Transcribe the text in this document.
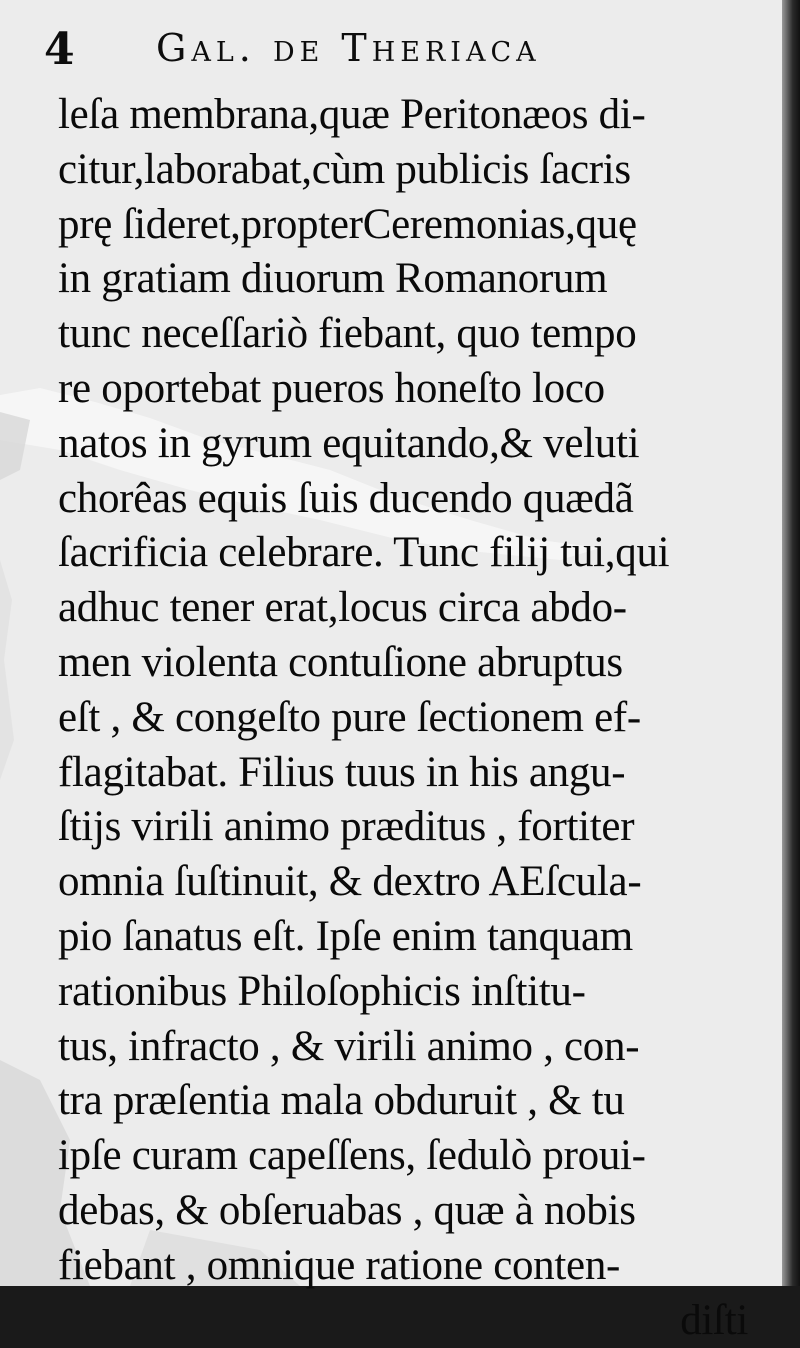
4 Gal. de Theriaca
leſa membrana,quæ Peritonæos di-
citur,laborabat,cùm publicis ſacris
prę ſideret,propterCeremonias,quę
in gratiam diuorum Romanorum
tunc neceſſariò fiebant, quo tempo
re oportebat pueros honeſto loco
natos in gyrum equitando,& veluti
chorêas equis ſuis ducendo quædã
ſacrificia celebrare. Tunc filij tui,qui
adhuc tener erat,locus circa abdo-
men violenta contuſione abruptus
eſt , & congeſto pure ſectionem ef-
flagitabat. Filius tuus in his angu-
ſtijs virili animo præditus , fortiter
omnia ſuſtinuit, & dextro AEſcula-
pio ſanatus eſt. Ipſe enim tanquam
rationibus Philoſophicis inſtitu-
tus, infracto , & virili animo , con-
tra præſentia mala obduruit , & tu
ipſe curam capeſſens, ſedulò proui-
debas, & obſeruabas , quæ à nobis
fiebant , omnique ratione conten-
diſti
